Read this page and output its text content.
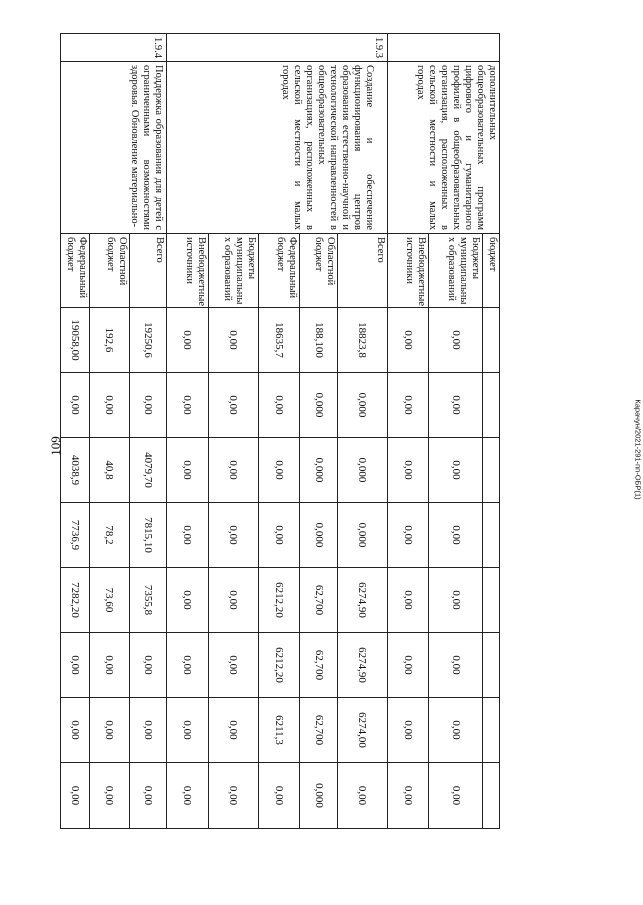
109	Карачун/2021-291-пп-ОБР(1)
	дополнительных общеобразовательных программ цифрового и гуманитарного профилей в общеобразовательных организация, расположенных в сельской местности и малых городах	бюджет								
		Бюджеты муниципальны х образований	0,00	0,00	0,00	0,00	0,00	0,00	0,00	0,00
		Внебюджетные источники	0,00	0,00	0,00	0,00	0,00	0,00	0,00	0,00
1.9.3	Создание и обеспечение функционирования центров образования естественно-научной и технологической направленностей в общеобразовательных организациях, расположенных в сельской местности и малых городах	Всего	18823,8	0,000	0,000	0,000	6274,90	6274,90	6274,00	0,00
		Областной бюджет	188,100	0,000	0,000	0,000	62,700	62,700	62,700	0,000
		Федеральный бюджет	18635,7	0,00	0,00	0,00	6212,20	6212,20	6211,3	0,00
		Бюджеты муниципальны х образований	0,00	0,00	0,00	0,00	0,00	0,00	0,00	0,00
		Внебюджетные источники	0,00	0,00	0,00	0,00	0,00	0,00	0,00	0,00
1.9.4	Поддержка образования для детей с ограниченными возможностями здоровья. Обновление материально-	Всего	19250,6	0,00	4079,70	7815,10	7355,8	0,00	0,00	0,00
		Областной бюджет	192,6	0,00	40,8	78,2	73,60	0,00	0,00	0,00
		Федеральный бюджет	19058,00	0,00	4038,9	7736,9	7282,20	0,00	0,00	0,00
